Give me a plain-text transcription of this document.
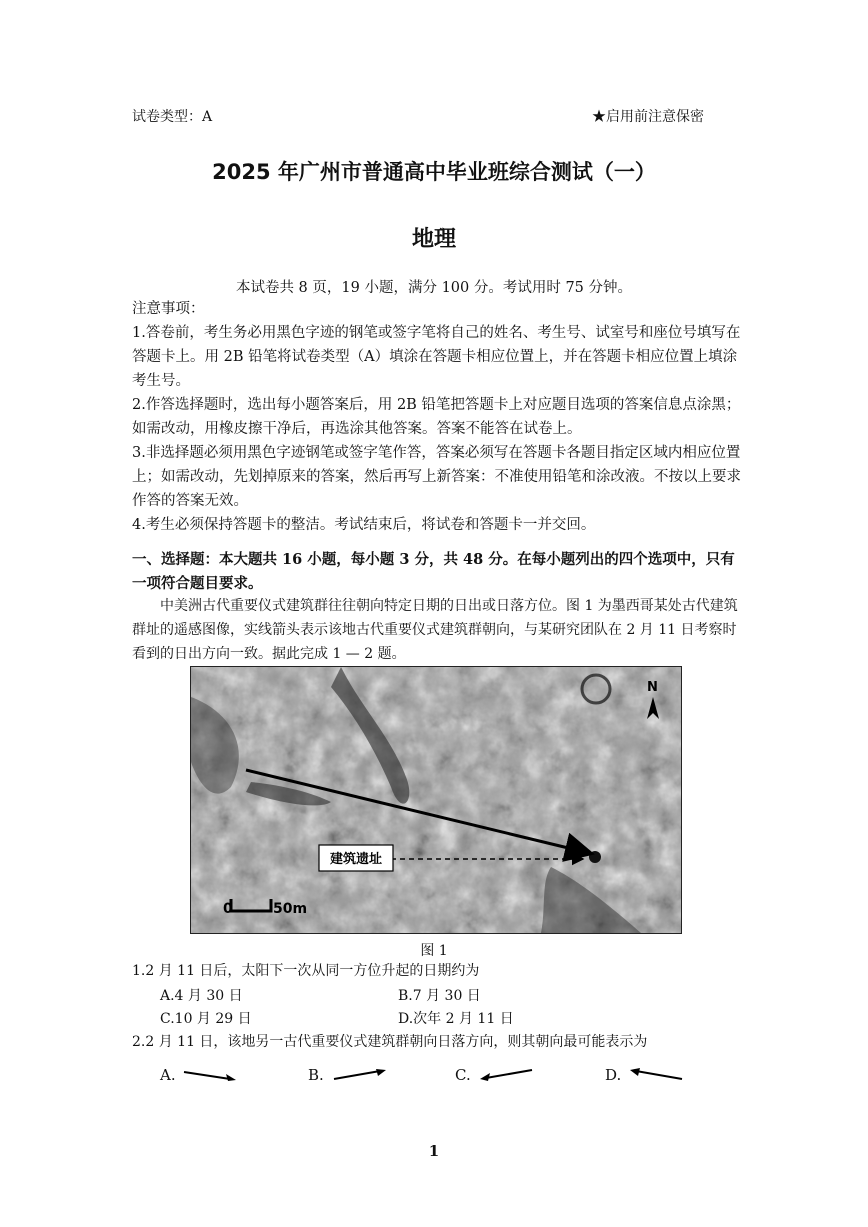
试卷类型：A	★启用前注意保密
2025 年广州市普通高中毕业班综合测试（一）
地理
本试卷共 8 页，19 小题，满分 100 分。考试用时 75 分钟。

注意事项：

1.答卷前，考生务必用黑色字迹的钢笔或签字笔将自己的姓名、考生号、试室号和座位号填写在答题卡上。用 2B 铅笔将试卷类型（A）填涂在答题卡相应位置上，并在答题卡相应位置上填涂考生号。

2.作答选择题时，选出每小题答案后，用 2B 铅笔把答题卡上对应题目选项的答案信息点涂黑；如需改动，用橡皮擦干净后，再选涂其他答案。答案不能答在试卷上。

3.非选择题必须用黑色字迹钢笔或签字笔作答，答案必须写在答题卡各题目指定区域内相应位置上；如需改动，先划掉原来的答案，然后再写上新答案：不准使用铅笔和涂改液。不按以上要求作答的答案无效。

4.考生必须保持答题卡的整洁。考试结束后，将试卷和答题卡一并交回。

一、选择题：本大题共 16 小题，每小题 3 分，共 48 分。在每小题列出的四个选项中，只有一项符合题目要求。
中美洲古代重要仪式建筑群往往朝向特定日期的日出或日落方位。图 1 为墨西哥某处古代建筑群址的遥感图像，实线箭头表示该地古代重要仪式建筑群朝向，与某研究团队在 2 月 11 日考察时看到的日出方向一致。据此完成 1 — 2 题。
建筑遗址
N
0	50m
图 1
1.2 月 11 日后，太阳下一次从同一方位升起的日期约为
A.4 月 30 日	B.7 月 30 日
C.10 月 29 日	D.次年 2 月 11 日
2.2 月 11 日，该地另一古代重要仪式建筑群朝向日落方向，则其朝向最可能表示为
A.	B.	C.	D.
1
